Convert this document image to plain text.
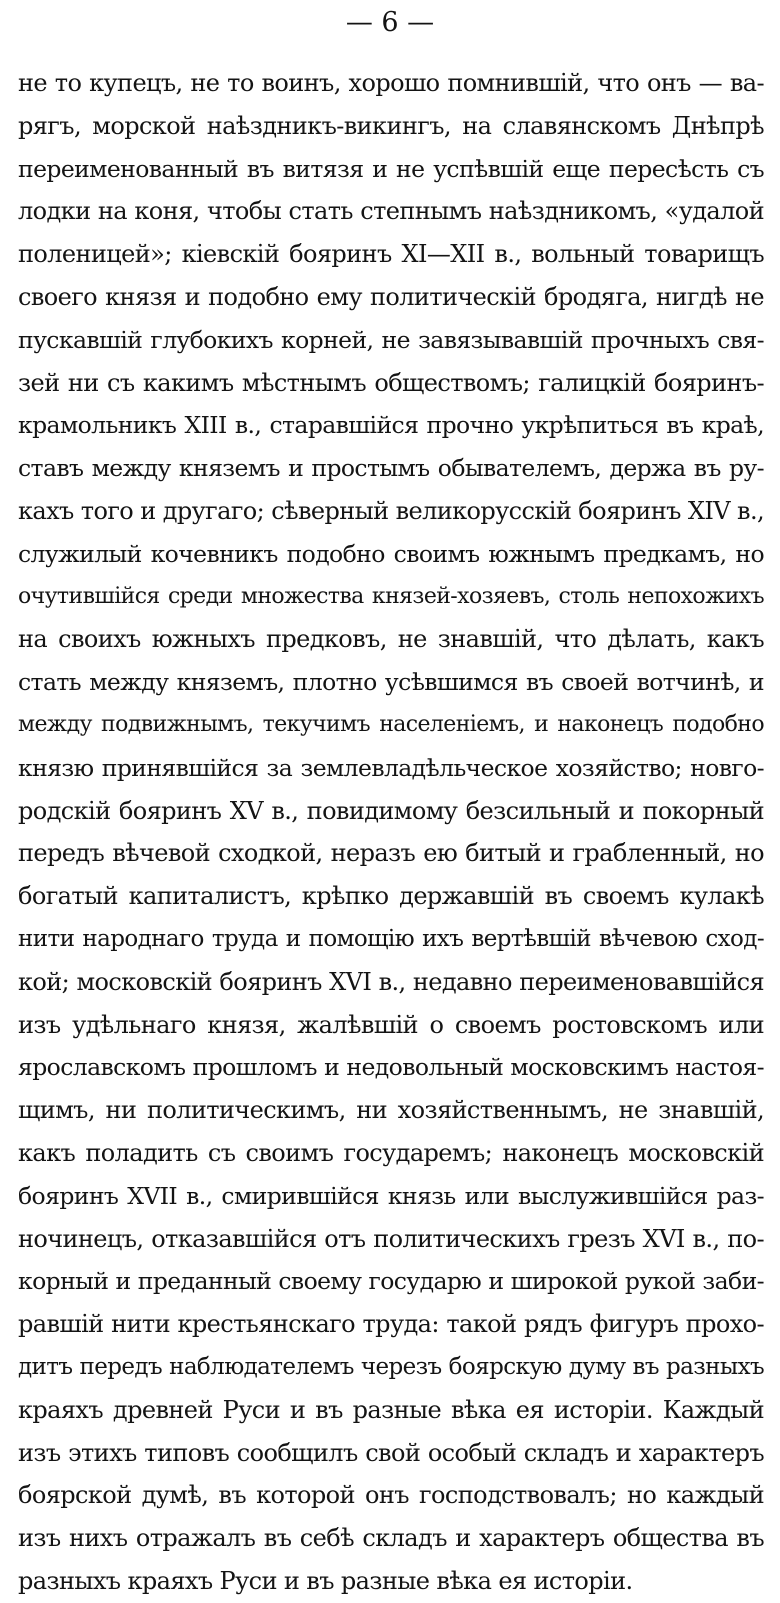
— 6 —
не то купецъ, не то воинъ, хорошо помнившій, что онъ — ва-
рягъ, морской наѣздникъ-викингъ, на славянскомъ Днѣпрѣ
переименованный въ витязя и не успѣвшій еще пересѣсть съ
лодки на коня, чтобы стать степнымъ наѣздникомъ, «удалой
поленицей»; кіевскій бояринъ XI—XII в., вольный товарищъ
своего князя и подобно ему политическій бродяга, нигдѣ не
пускавшій глубокихъ корней, не завязывавшій прочныхъ свя-
зей ни съ какимъ мѣстнымъ обществомъ; галицкій бояринъ-
крамольникъ XIII в., старавшійся прочно укрѣпиться въ краѣ,
ставъ между княземъ и простымъ обывателемъ, держа въ ру-
кахъ того и другаго; сѣверный великорусскій бояринъ XIV в.,
служилый кочевникъ подобно своимъ южнымъ предкамъ, но
очутившійся среди множества князей-хозяевъ, столь непохожихъ
на своихъ южныхъ предковъ, не знавшій, что дѣлать, какъ
стать между княземъ, плотно усѣвшимся въ своей вотчинѣ, и
между подвижнымъ, текучимъ населеніемъ, и наконецъ подобно
князю принявшійся за землевладѣльческое хозяйство; новго-
родскій бояринъ XV в., повидимому безсильный и покорный
передъ вѣчевой сходкой, неразъ ею битый и грабленный, но
богатый капиталистъ, крѣпко державшій въ своемъ кулакѣ
нити народнаго труда и помощію ихъ вертѣвшій вѣчевою сход-
кой; московскій бояринъ XVI в., недавно переименовавшійся
изъ удѣльнаго князя, жалѣвшій о своемъ ростовскомъ или
ярославскомъ прошломъ и недовольный московскимъ настоя-
щимъ, ни политическимъ, ни хозяйственнымъ, не знавшій,
какъ поладить съ своимъ государемъ; наконецъ московскій
бояринъ XVII в., смирившійся князь или выслужившійся раз-
ночинецъ, отказавшійся отъ политическихъ грезъ XVI в., по-
корный и преданный своему государю и широкой рукой заби-
равшій нити крестьянскаго труда: такой рядъ фигуръ прохо-
дитъ передъ наблюдателемъ черезъ боярскую думу въ разныхъ
краяхъ древней Руси и въ разные вѣка ея исторіи. Каждый
изъ этихъ типовъ сообщилъ свой особый складъ и характеръ
боярской думѣ, въ которой онъ господствовалъ; но каждый
изъ нихъ отражалъ въ себѣ складъ и характеръ общества въ
разныхъ краяхъ Руси и въ разные вѣка ея исторіи.
